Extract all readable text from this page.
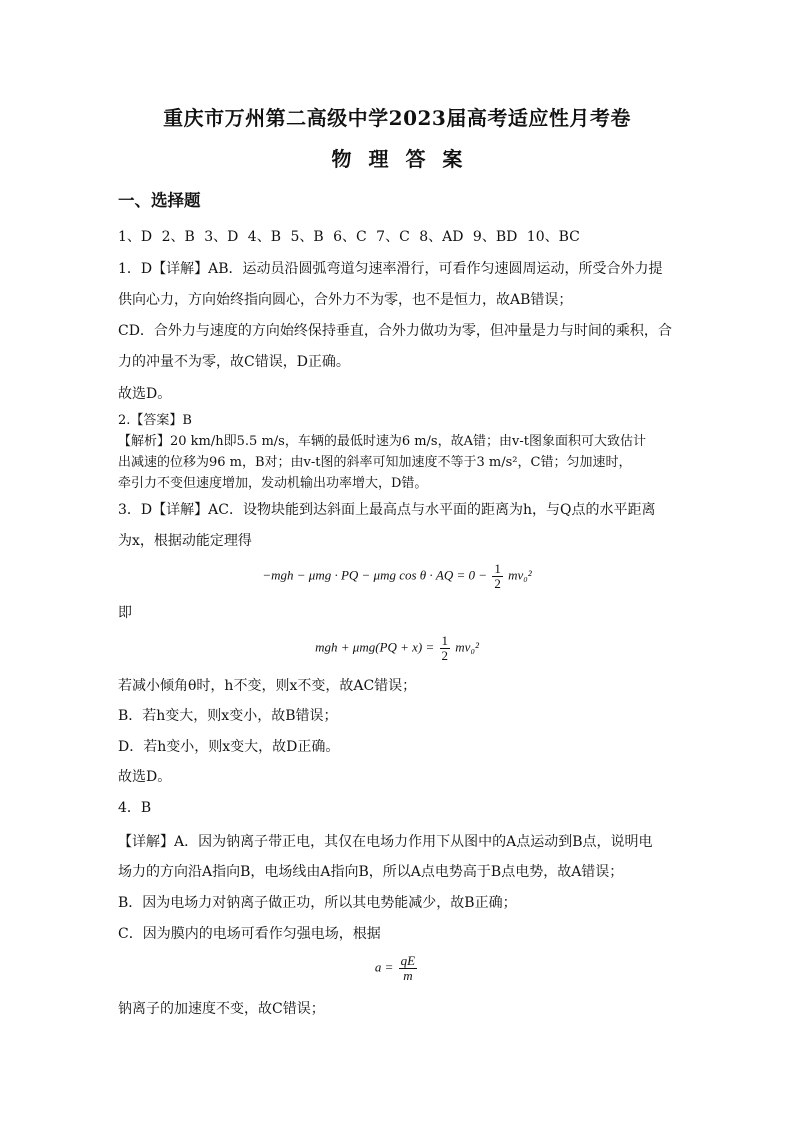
重庆市万州第二高级中学2023届高考适应性月考卷
物 理 答 案
一、选择题
1、D 2、B 3、D 4、B 5、B 6、C 7、C 8、AD 9、BD 10、BC
1．D【详解】AB．运动员沿圆弧弯道匀速率滑行，可看作匀速圆周运动，所受合外力提
供向心力，方向始终指向圆心，合外力不为零，也不是恒力，故AB错误；
CD．合外力与速度的方向始终保持垂直，合外力做功为零，但冲量是力与时间的乘积，合
力的冲量不为零，故C错误，D正确。
故选D。
2.【答案】B
【解析】20 km/h即5.5 m/s，车辆的最低时速为6 m/s，故A错；由v-t图象面积可大致估计
出减速的位移为96 m，B对；由v-t图的斜率可知加速度不等于3 m/s²，C错；匀加速时，
牵引力不变但速度增加，发动机输出功率增大，D错。
3．D【详解】AC．设物块能到达斜面上最高点与水平面的距离为h，与Q点的水平距离
为x，根据动能定理得
−mgh − μmg · PQ − μmg cos θ · AQ = $0 - \frac{1}{2} mv_0^2$
即
mgh + $\mu mg(PQ + x) = \frac{1}{2} mv_0^2$
若减小倾角θ时，h不变，则x不变，故AC错误；
B．若h变大，则x变小，故B错误；
D．若h变小，则x变大，故D正确。
故选D。
4．B
【详解】A．因为钠离子带正电，其仅在电场力作用下从图中的A点运动到B点，说明电
场力的方向沿A指向B，电场线由A指向B，所以A点电势高于B点电势，故A错误；
B．因为电场力对钠离子做正功，所以其电势能减少，故B正确；
C．因为膜内的电场可看作匀强电场，根据
$a = \frac{qE}{m}$
钠离子的加速度不变，故C错误；
